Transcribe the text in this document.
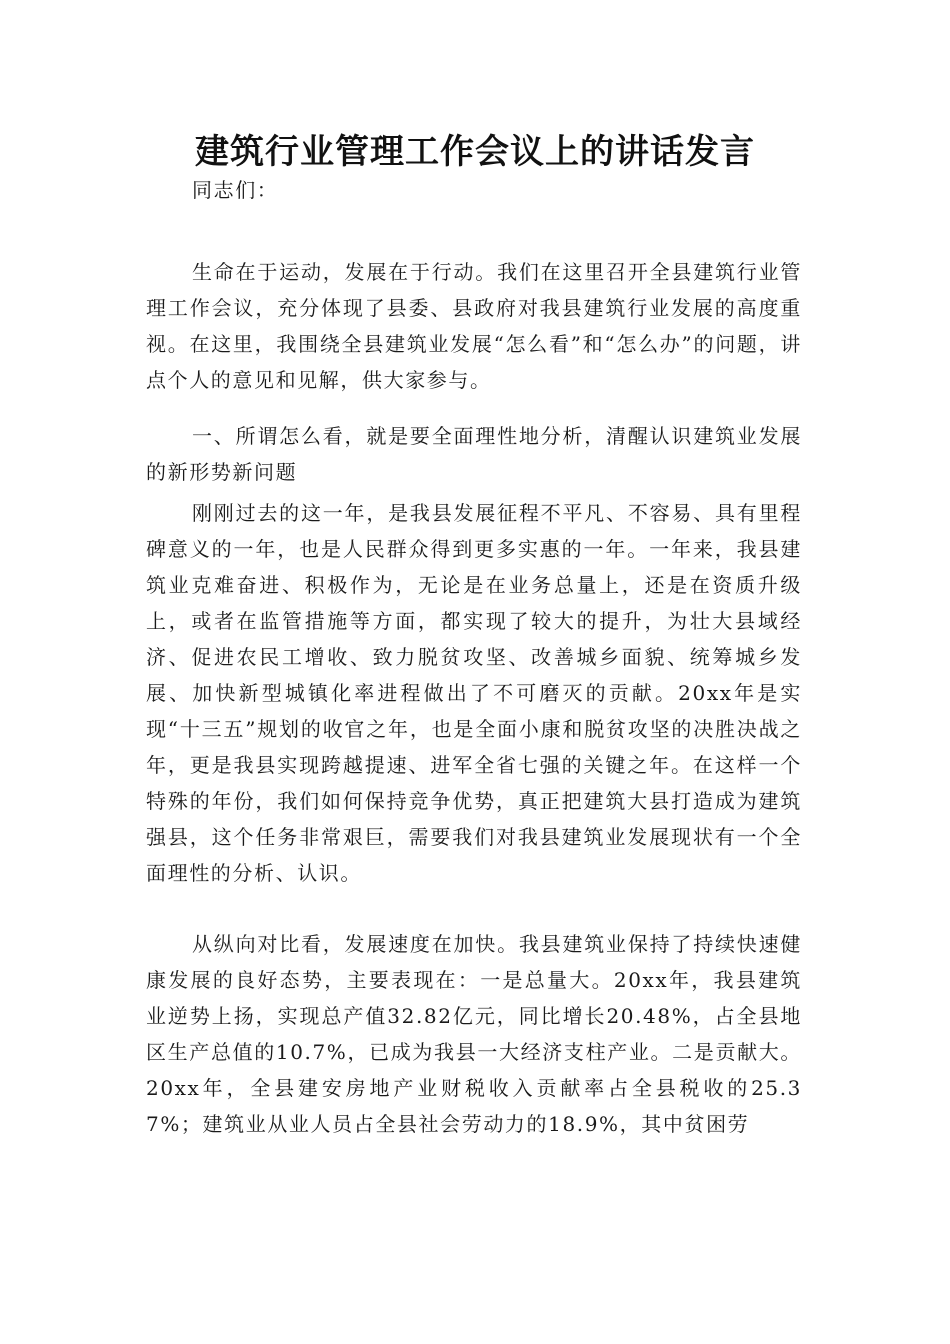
建筑行业管理工作会议上的讲话发言

同志们：

生命在于运动，发展在于行动。我们在这里召开全县建筑行业管理工作会议，充分体现了县委、县政府对我县建筑行业发展的高度重视。在这里，我围绕全县建筑业发展“怎么看”和“怎么办”的问题，讲点个人的意见和见解，供大家参与。

一、所谓怎么看，就是要全面理性地分析，清醒认识建筑业发展的新形势新问题

刚刚过去的这一年，是我县发展征程不平凡、不容易、具有里程碑意义的一年，也是人民群众得到更多实惠的一年。一年来，我县建筑业克难奋进、积极作为，无论是在业务总量上，还是在资质升级上，或者在监管措施等方面，都实现了较大的提升，为壮大县域经济、促进农民工增收、致力脱贫攻坚、改善城乡面貌、统筹城乡发展、加快新型城镇化率进程做出了不可磨灭的贡献。20xx年是实现“十三五”规划的收官之年，也是全面小康和脱贫攻坚的决胜决战之年，更是我县实现跨越提速、进军全省七强的关键之年。在这样一个特殊的年份，我们如何保持竞争优势，真正把建筑大县打造成为建筑强县，这个任务非常艰巨，需要我们对我县建筑业发展现状有一个全面理性的分析、认识。

从纵向对比看，发展速度在加快。我县建筑业保持了持续快速健康发展的良好态势，主要表现在：一是总量大。20xx年，我县建筑业逆势上扬，实现总产值32.82亿元，同比增长20.48%，占全县地区生产总值的10.7%，已成为我县一大经济支柱产业。二是贡献大。20xx年，全县建安房地产业财税收入贡献率占全县税收的25.37%；建筑业从业人员占全县社会劳动力的18.9%，其中贫困劳
